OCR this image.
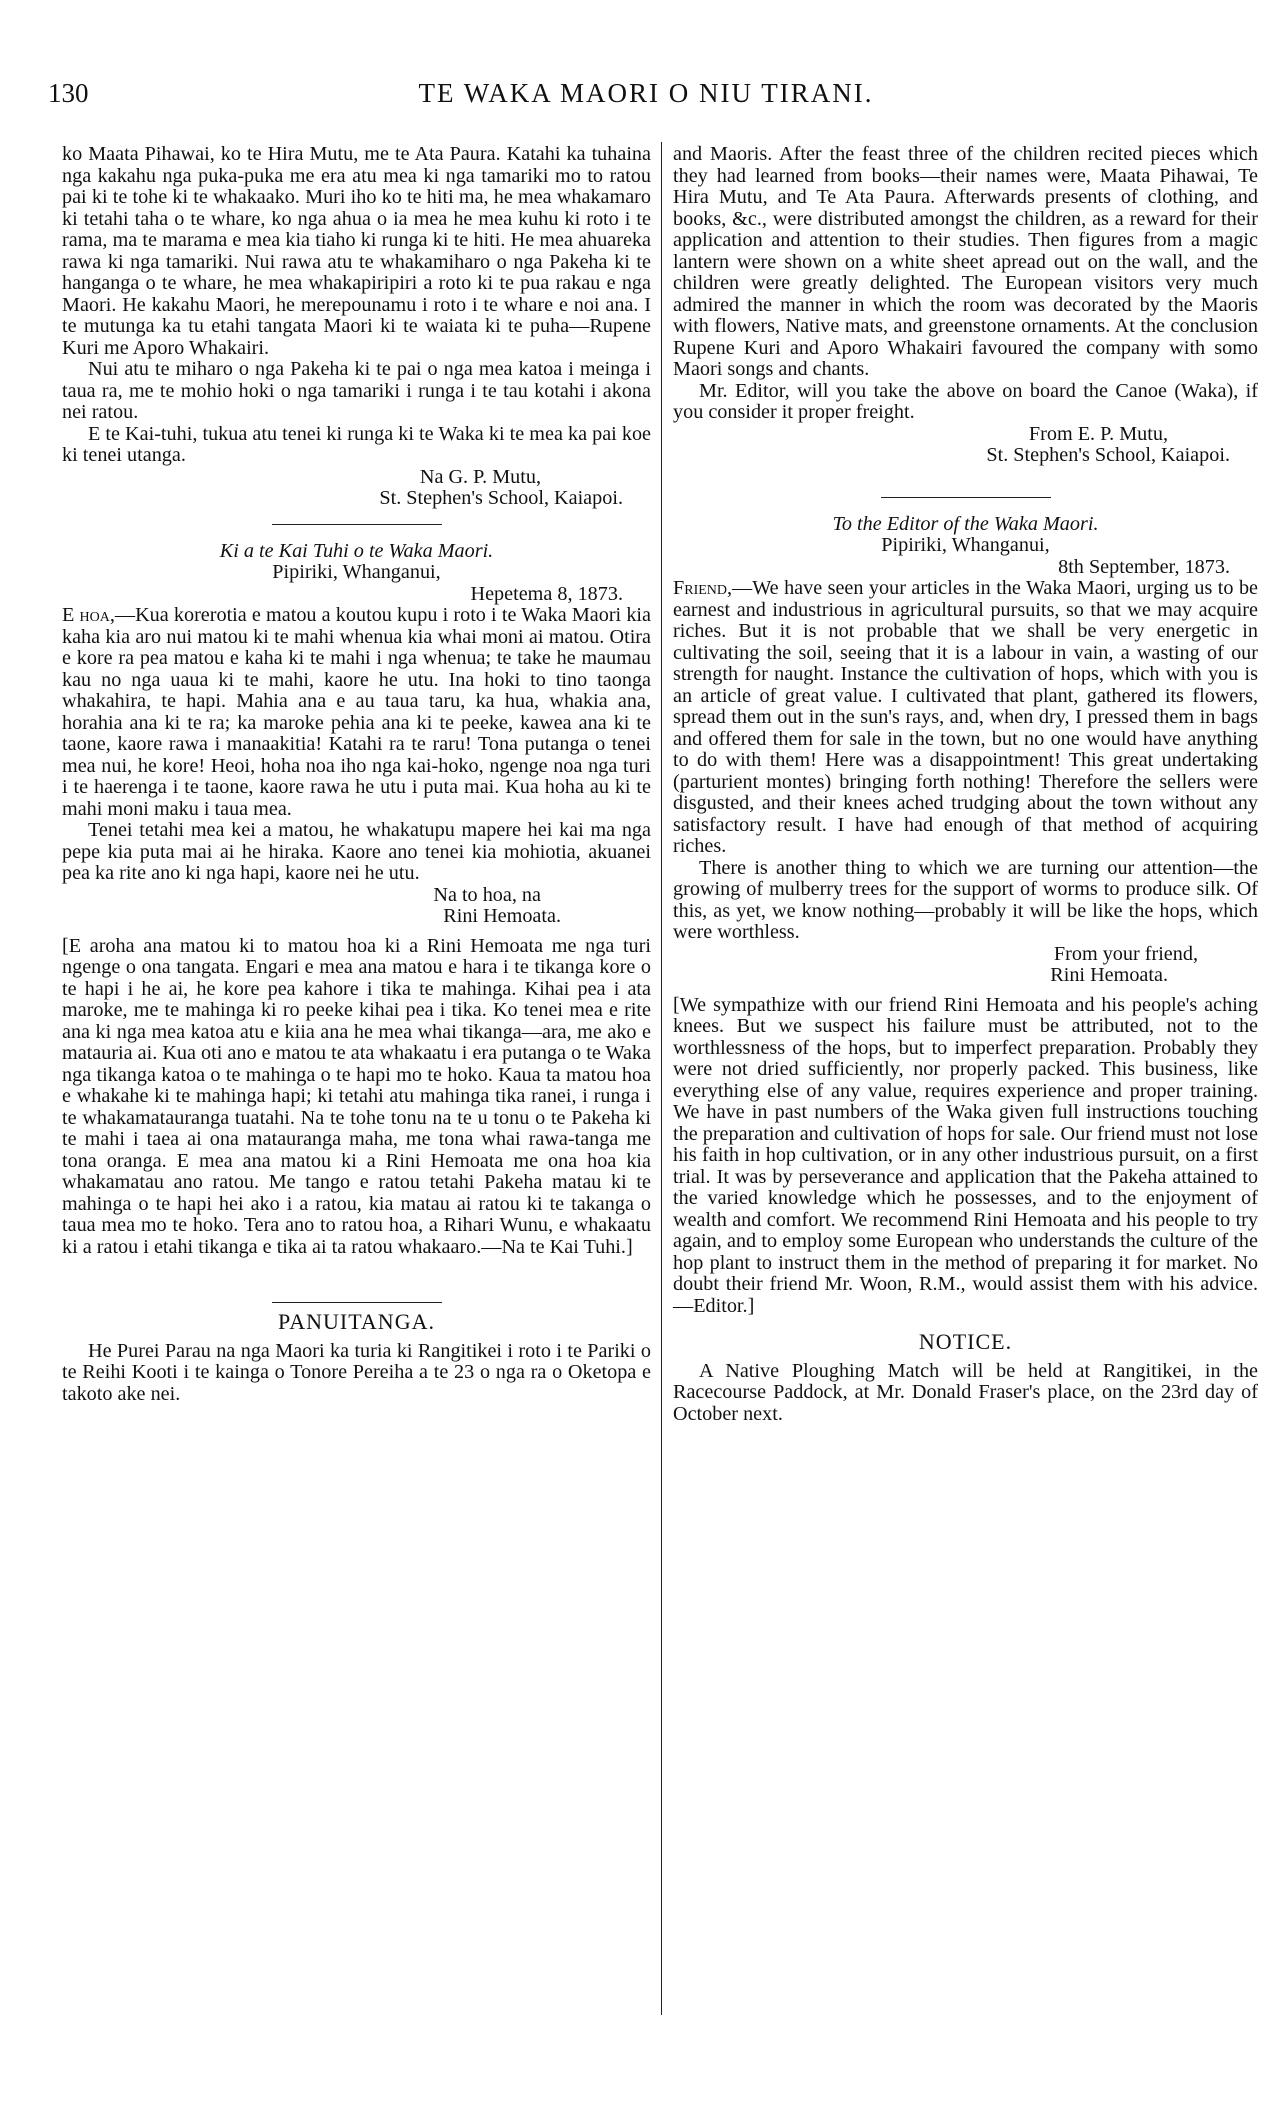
130	TE WAKA MAORI O NIU TIRANI.

ko Maata Pihawai, ko te Hira Mutu, me te Ata Paura. Katahi ka tuhaina nga kakahu nga puka-puka me era atu mea ki nga tamariki mo to ratou pai ki te tohe ki te whakaako. Muri iho ko te hiti ma, he mea whakamaro ki tetahi taha o te whare, ko nga ahua o ia mea he mea kuhu ki roto i te rama, ma te marama e mea kia tiaho ki runga ki te hiti. He mea ahuareka rawa ki nga tamariki. Nui rawa atu te whakamiharo o nga Pakeha ki te hanganga o te whare, he mea whakapiripiri a roto ki te pua rakau e nga Maori. He kakahu Maori, he merepounamu i roto i te whare e noi ana. I te mutunga ka tu etahi tangata Maori ki te waiata ki te puha—Rupene Kuri me Aporo Whakairi.

Nui atu te miharo o nga Pakeha ki te pai o nga mea katoa i meinga i taua ra, me te mohio hoki o nga tamariki i runga i te tau kotahi i akona nei ratou.

E te Kai-tuhi, tukua atu tenei ki runga ki te Waka ki te mea ka pai koe ki tenei utanga.

Na G. P. Mutu,

St. Stephen's School, Kaiapoi.

Ki a te Kai Tuhi o te Waka Maori.

Pipiriki, Whanganui,

Hepetema 8, 1873.

E hoa,—Kua korerotia e matou a koutou kupu i roto i te Waka Maori kia kaha kia aro nui matou ki te mahi whenua kia whai moni ai matou. Otira e kore ra pea matou e kaha ki te mahi i nga whenua; te take he maumau kau no nga uaua ki te mahi, kaore he utu. Ina hoki to tino taonga whakahira, te hapi. Mahia ana e au taua taru, ka hua, whakia ana, horahia ana ki te ra; ka maroke pehia ana ki te peeke, kawea ana ki te taone, kaore rawa i manaakitia! Katahi ra te raru! Tona putanga o tenei mea nui, he kore! Heoi, hoha noa iho nga kai-hoko, ngenge noa nga turi i te haerenga i te taone, kaore rawa he utu i puta mai. Kua hoha au ki te mahi moni maku i taua mea.

Tenei tetahi mea kei a matou, he whakatupu mapere hei kai ma nga pepe kia puta mai ai he hiraka. Kaore ano tenei kia mohiotia, akuanei pea ka rite ano ki nga hapi, kaore nei he utu.

Na to hoa, na

Rini Hemoata.

[E aroha ana matou ki to matou hoa ki a Rini Hemoata me nga turi ngenge o ona tangata. Engari e mea ana matou e hara i te tikanga kore o te hapi i he ai, he kore pea kahore i tika te mahinga. Kihai pea i ata maroke, me te mahinga ki ro peeke kihai pea i tika. Ko tenei mea e rite ana ki nga mea katoa atu e kiia ana he mea whai tikanga—ara, me ako e matauria ai. Kua oti ano e matou te ata whakaatu i era putanga o te Waka nga tikanga katoa o te mahinga o te hapi mo te hoko. Kaua ta matou hoa e whakahe ki te mahinga hapi; ki tetahi atu mahinga tika ranei, i runga i te whakamatauranga tuatahi. Na te tohe tonu na te u tonu o te Pakeha ki te mahi i taea ai ona matauranga maha, me tona whai rawa-tanga me tona oranga. E mea ana matou ki a Rini Hemoata me ona hoa kia whakamatau ano ratou. Me tango e ratou tetahi Pakeha matau ki te mahinga o te hapi hei ako i a ratou, kia matau ai ratou ki te takanga o taua mea mo te hoko. Tera ano to ratou hoa, a Rihari Wunu, e whakaatu ki a ratou i etahi tikanga e tika ai ta ratou whakaaro.—Na te Kai Tuhi.]

PANUITANGA.

He Purei Parau na nga Maori ka turia ki Rangitikei i roto i te Pariki o te Reihi Kooti i te kainga o Tonore Pereiha a te 23 o nga ra o Oketopa e takoto ake nei.

and Maoris. After the feast three of the children recited pieces which they had learned from books—their names were, Maata Pihawai, Te Hira Mutu, and Te Ata Paura. Afterwards presents of clothing, and books, &c., were distributed amongst the children, as a reward for their application and attention to their studies. Then figures from a magic lantern were shown on a white sheet apread out on the wall, and the children were greatly delighted. The European visitors very much admired the manner in which the room was decorated by the Maoris with flowers, Native mats, and greenstone ornaments. At the conclusion Rupene Kuri and Aporo Whakairi favoured the company with somo Maori songs and chants.

Mr. Editor, will you take the above on board the Canoe (Waka), if you consider it proper freight.

From E. P. Mutu,

St. Stephen's School, Kaiapoi.

To the Editor of the Waka Maori.

Pipiriki, Whanganui,

8th September, 1873.

Friend,—We have seen your articles in the Waka Maori, urging us to be earnest and industrious in agricultural pursuits, so that we may acquire riches. But it is not probable that we shall be very energetic in cultivating the soil, seeing that it is a labour in vain, a wasting of our strength for naught. Instance the cultivation of hops, which with you is an article of great value. I cultivated that plant, gathered its flowers, spread them out in the sun's rays, and, when dry, I pressed them in bags and offered them for sale in the town, but no one would have anything to do with them! Here was a disappointment! This great undertaking (parturient montes) bringing forth nothing! Therefore the sellers were disgusted, and their knees ached trudging about the town without any satisfactory result. I have had enough of that method of acquiring riches.

There is another thing to which we are turning our attention—the growing of mulberry trees for the support of worms to produce silk. Of this, as yet, we know nothing—probably it will be like the hops, which were worthless.

From your friend,

Rini Hemoata.

[We sympathize with our friend Rini Hemoata and his people's aching knees. But we suspect his failure must be attributed, not to the worthlessness of the hops, but to imperfect preparation. Probably they were not dried sufficiently, nor properly packed. This business, like everything else of any value, requires experience and proper training. We have in past numbers of the Waka given full instructions touching the preparation and cultivation of hops for sale. Our friend must not lose his faith in hop cultivation, or in any other industrious pursuit, on a first trial. It was by perseverance and application that the Pakeha attained to the varied knowledge which he possesses, and to the enjoyment of wealth and comfort. We recommend Rini Hemoata and his people to try again, and to employ some European who understands the culture of the hop plant to instruct them in the method of preparing it for market. No doubt their friend Mr. Woon, R.M., would assist them with his advice.—Editor.]

NOTICE.

A Native Ploughing Match will be held at Rangitikei, in the Racecourse Paddock, at Mr. Donald Fraser's place, on the 23rd day of October next.
